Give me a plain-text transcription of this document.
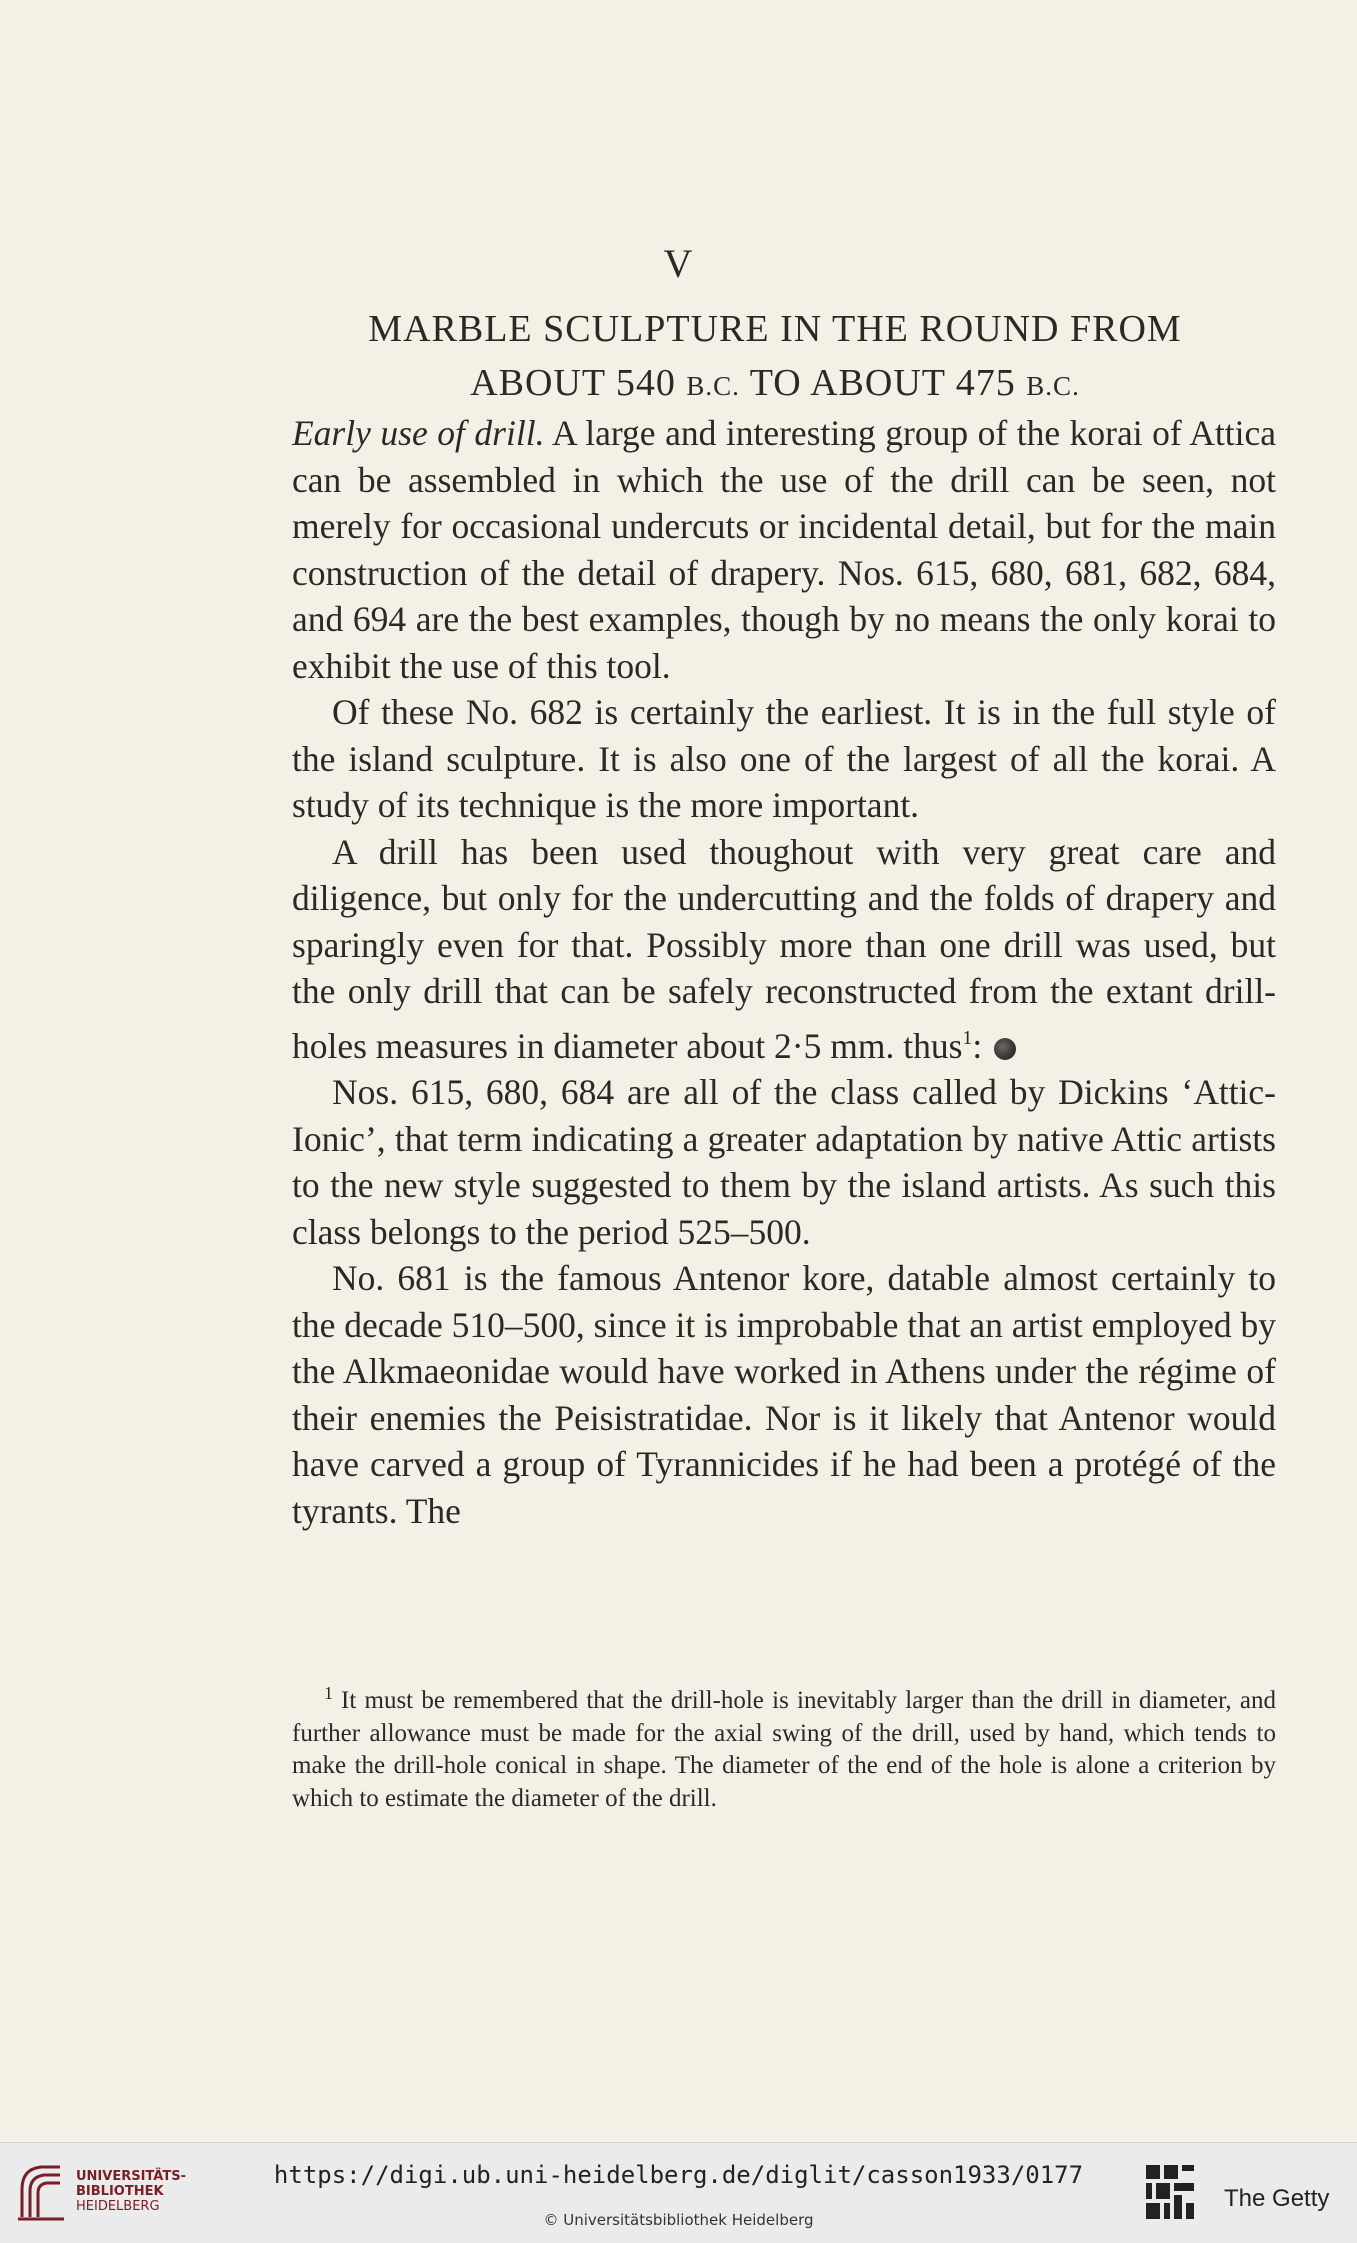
V
MARBLE SCULPTURE IN THE ROUND FROM
ABOUT 540 B.C. TO ABOUT 475 B.C.

Early use of drill. A large and interesting group of the korai of Attica can be assembled in which the use of the drill can be seen, not merely for occasional undercuts or incidental detail, but for the main construction of the detail of drapery. Nos. 615, 680, 681, 682, 684, and 694 are the best examples, though by no means the only korai to exhibit the use of this tool.

Of these No. 682 is certainly the earliest. It is in the full style of the island sculpture. It is also one of the largest of all the korai. A study of its technique is the more important.

A drill has been used thoughout with very great care and diligence, but only for the undercutting and the folds of drapery and sparingly even for that. Possibly more than one drill was used, but the only drill that can be safely reconstructed from the extant drill-holes measures in diameter about 2·5 mm. thus$^1$:

Nos. 615, 680, 684 are all of the class called by Dickins ‘Attic-Ionic’, that term indicating a greater adaptation by native Attic artists to the new style suggested to them by the island artists. As such this class belongs to the period 525–500.

No. 681 is the famous Antenor kore, datable almost certainly to the decade 510–500, since it is improbable that an artist employed by the Alkmaeonidae would have worked in Athens under the régime of their enemies the Peisistratidae. Nor is it likely that Antenor would have carved a group of Tyrannicides if he had been a protégé of the tyrants. The

$^1$ It must be remembered that the drill-hole is inevitably larger than the drill in diameter, and further allowance must be made for the axial swing of the drill, used by hand, which tends to make the drill-hole conical in shape. The diameter of the end of the hole is alone a criterion by which to estimate the diameter of the drill.

UNIVERSITÄTS-
BIBLIOTHEK
HEIDELBERG
https://digi.ub.uni-heidelberg.de/diglit/casson1933/0177
© Universitätsbibliothek Heidelberg
The Getty
